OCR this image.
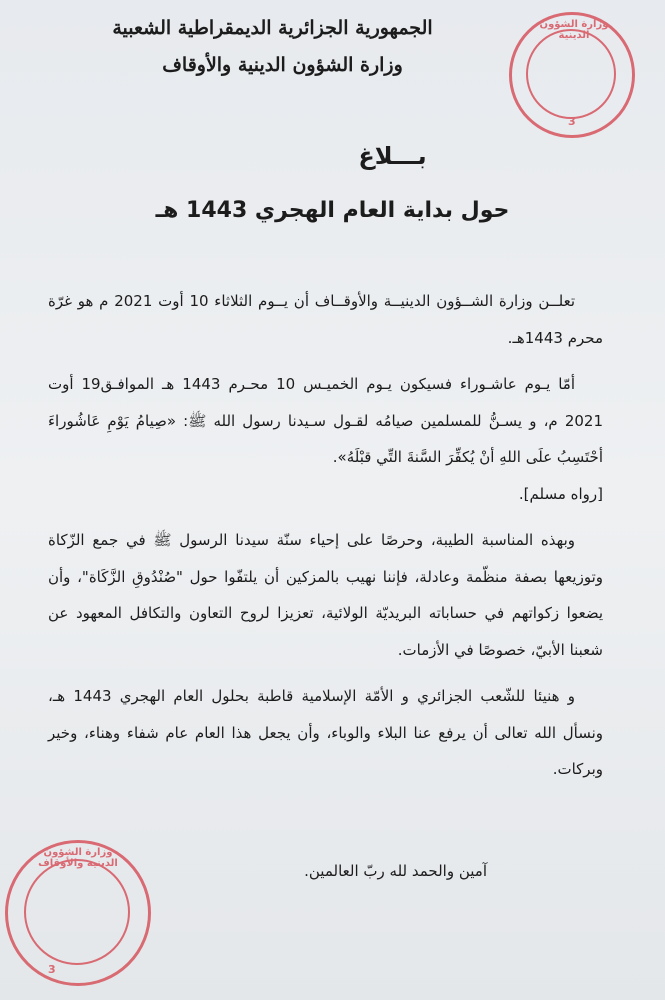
الجمهورية الجزائرية الديمقراطية الشعبية
وزارة الشؤون الدينية والأوقاف
وزارة الشؤون الدينية
3
بـــلاغ
حول بداية العام الهجري 1443 هـ

تعلــن وزارة الشــؤون الدينيــة والأوقــاف أن يــوم الثلاثاء 10 أوت 2021 م هو غرّة محرم 1443هـ.

أمّا يـوم عاشـوراء فسيكون يـوم الخميـس 10 محـرم 1443 هـ الموافـق19 أوت 2021 م، و يسـنُّ للمسلمين صيامُه لقـول سـيدنا رسول الله ﷺ: «صِيامُ يَوْمِ عَاشُوراءَ أحْتَسِبُ علَى اللهِ أنْ يُكفِّرَ السَّنةَ التِّي قبْلَهُ».

[رواه مسلم].

وبهذه المناسبة الطيبة، وحرصًا على إحياء سنّة سيدنا الرسول ﷺ في جمع الزّكاة وتوزيعها بصفة منظّمة وعادلة، فإننا نهيب بالمزكين أن يلتفّوا حول "صُنْدُوقِ الزَّكَاة"، وأن يضعوا زكواتهم في حساباته البريديّة الولائية، تعزيزا لروح التعاون والتكافل المعهود عن شعبنا الأبيّ، خصوصًا في الأزمات.

و هنيئا للشّعب الجزائري و الأمّة الإسلامية قاطبة بحلول العام الهجري 1443 هـ، ونسأل الله تعالى أن يرفع عنا البلاء والوباء، وأن يجعل هذا العام عام شفاء وهناء، وخير وبركات.

آمين والحمد لله ربّ العالمين.
وزارة الشؤون الدينية والأوقاف
3
